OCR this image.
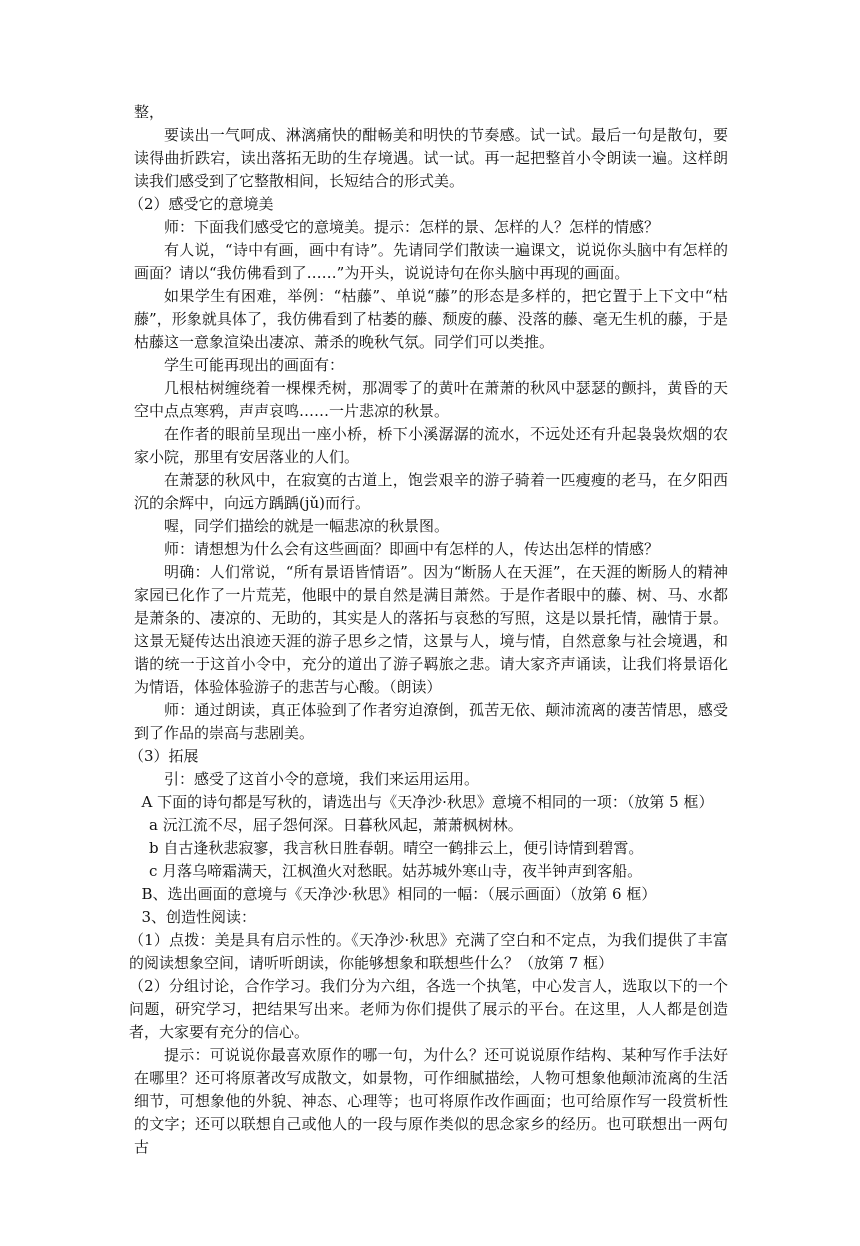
整，

要读出一气呵成、淋漓痛快的酣畅美和明快的节奏感。试一试。最后一句是散句，要读得曲折跌宕，读出落拓无助的生存境遇。试一试。再一起把整首小令朗读一遍。这样朗读我们感受到了它整散相间，长短结合的形式美。

（2）感受它的意境美

师：下面我们感受它的意境美。提示：怎样的景、怎样的人？怎样的情感？

有人说，“诗中有画，画中有诗”。先请同学们散读一遍课文，说说你头脑中有怎样的画面？请以“我仿佛看到了……”为开头，说说诗句在你头脑中再现的画面。

如果学生有困难，举例：“枯藤”、单说“藤”的形态是多样的，把它置于上下文中“枯藤”，形象就具体了，我仿佛看到了枯萎的藤、颓废的藤、没落的藤、毫无生机的藤，于是枯藤这一意象渲染出凄凉、萧杀的晚秋气氛。同学们可以类推。

学生可能再现出的画面有：

几根枯树缠绕着一棵棵秃树，那凋零了的黄叶在萧萧的秋风中瑟瑟的颤抖，黄昏的天空中点点寒鸦，声声哀鸣……一片悲凉的秋景。

在作者的眼前呈现出一座小桥，桥下小溪潺潺的流水，不远处还有升起袅袅炊烟的农家小院，那里有安居落业的人们。

在萧瑟的秋风中，在寂寞的古道上，饱尝艰辛的游子骑着一匹瘦瘦的老马，在夕阳西沉的余辉中，向远方踽踽(jǔ)而行。

喔，同学们描绘的就是一幅悲凉的秋景图。

师：请想想为什么会有这些画面？即画中有怎样的人，传达出怎样的情感？

明确：人们常说，“所有景语皆情语”。因为“断肠人在天涯”，在天涯的断肠人的精神家园已化作了一片荒芜，他眼中的景自然是满目萧然。于是作者眼中的藤、树、马、水都是萧条的、凄凉的、无助的，其实是人的落拓与哀愁的写照，这是以景托情，融情于景。这景无疑传达出浪迹天涯的游子思乡之情，这景与人，境与情，自然意象与社会境遇，和谐的统一于这首小令中，充分的道出了游子羁旅之悲。请大家齐声诵读，让我们将景语化为情语，体验体验游子的悲苦与心酸。（朗读）

师：通过朗读，真正体验到了作者穷迫潦倒，孤苦无依、颠沛流离的凄苦情思，感受到了作品的崇高与悲剧美。

（3）拓展

引：感受了这首小令的意境，我们来运用运用。

A 下面的诗句都是写秋的，请选出与《天净沙·秋思》意境不相同的一项：（放第 5 框）

a 沅江流不尽，屈子怨何深。日暮秋风起，萧萧枫树林。

b 自古逢秋悲寂寥，我言秋日胜春朝。晴空一鹤排云上，便引诗情到碧霄。

c 月落乌啼霜满天，江枫渔火对愁眠。姑苏城外寒山寺，夜半钟声到客船。

B、选出画面的意境与《天净沙·秋思》相同的一幅：（展示画面）（放第 6 框）

3、创造性阅读：

（1）点拨：美是具有启示性的。《天净沙·秋思》充满了空白和不定点，为我们提供了丰富的阅读想象空间，请听听朗读，你能够想象和联想些什么？（放第 7 框）

（2）分组讨论，合作学习。我们分为六组，各选一个执笔，中心发言人，选取以下的一个问题，研究学习，把结果写出来。老师为你们提供了展示的平台。在这里，人人都是创造者，大家要有充分的信心。

提示：可说说你最喜欢原作的哪一句，为什么？还可说说原作结构、某种写作手法好在哪里？还可将原著改写成散文，如景物，可作细腻描绘，人物可想象他颠沛流离的生活细节，可想象他的外貌、神态、心理等；也可将原作改作画面；也可给原作写一段赏析性的文字；还可以联想自己或他人的一段与原作类似的思念家乡的经历。也可联想出一两句古
